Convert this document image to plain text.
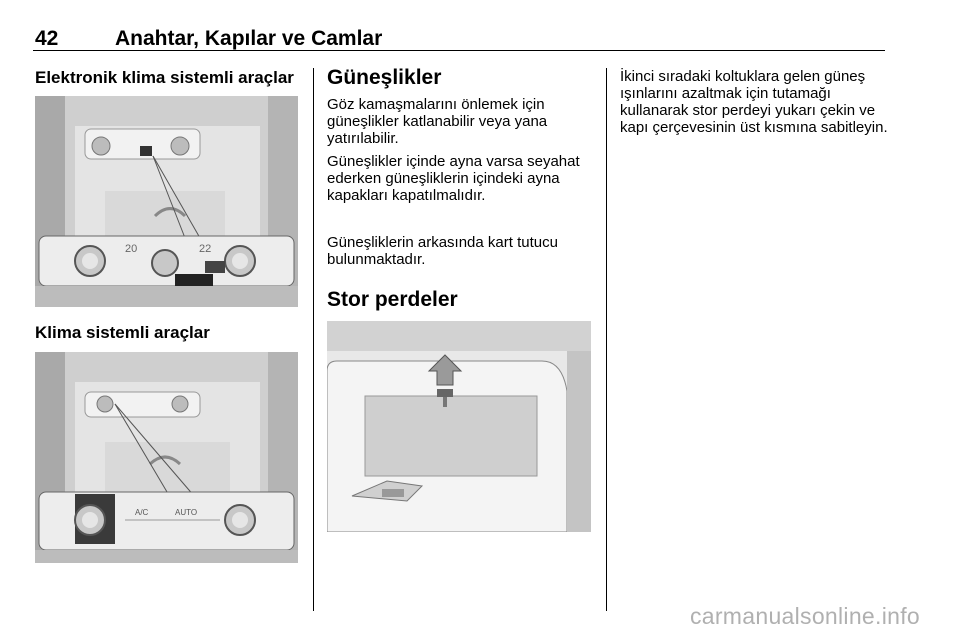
42	Anahtar, Kapılar ve Camlar
Elektronik klima sistemli araçlar
20	22
Klima sistemli araçlar
A/C	AUTO
Güneşlikler

Göz kamaşmalarını önlemek için güneşlikler katlanabilir veya yana yatırılabilir.

Güneşlikler içinde ayna varsa seyahat ederken güneşliklerin içindeki ayna kapakları kapatılmalıdır.

Güneşliklerin arkasında kart tutucu bulunmaktadır.

Stor perdeler

İkinci sıradaki koltuklara gelen güneş ışınlarını azaltmak için tutamağı kullanarak stor perdeyi yukarı çekin ve kapı çerçevesinin üst kısmına sabitleyin.

carmanualsonline.info
